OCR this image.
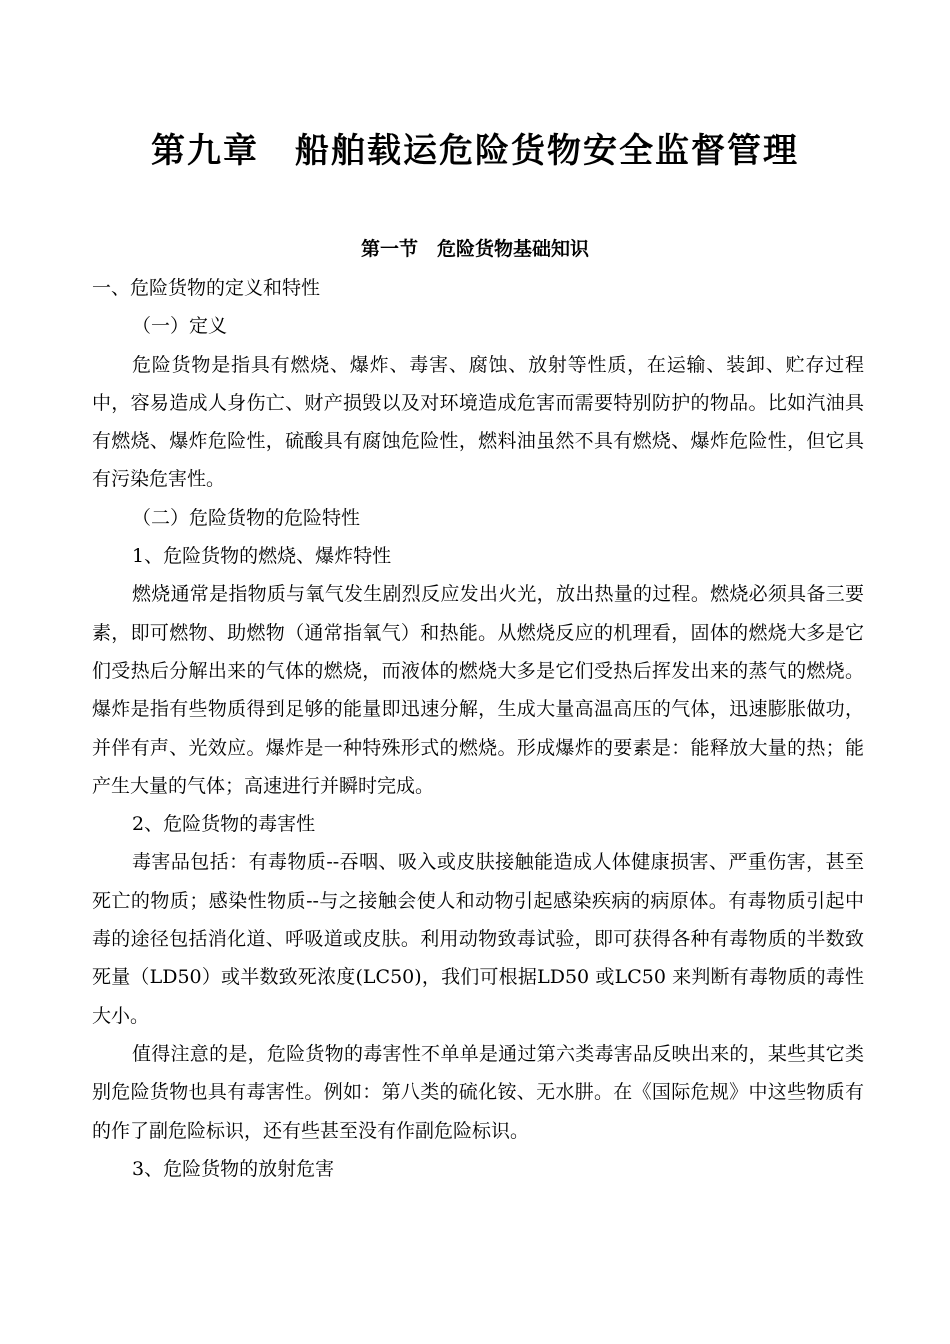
第九章　船舶载运危险货物安全监督管理
第一节　危险货物基础知识

一、危险货物的定义和特性

（一）定义

危险货物是指具有燃烧、爆炸、毒害、腐蚀、放射等性质，在运输、装卸、贮存过程中，容易造成人身伤亡、财产损毁以及对环境造成危害而需要特别防护的物品。比如汽油具有燃烧、爆炸危险性，硫酸具有腐蚀危险性，燃料油虽然不具有燃烧、爆炸危险性，但它具有污染危害性。

（二）危险货物的危险特性

1、危险货物的燃烧、爆炸特性

燃烧通常是指物质与氧气发生剧烈反应发出火光，放出热量的过程。燃烧必须具备三要素，即可燃物、助燃物（通常指氧气）和热能。从燃烧反应的机理看，固体的燃烧大多是它们受热后分解出来的气体的燃烧，而液体的燃烧大多是它们受热后挥发出来的蒸气的燃烧。爆炸是指有些物质得到足够的能量即迅速分解，生成大量高温高压的气体，迅速膨胀做功，并伴有声、光效应。爆炸是一种特殊形式的燃烧。形成爆炸的要素是：能释放大量的热；能产生大量的气体；高速进行并瞬时完成。

2、危险货物的毒害性

毒害品包括：有毒物质--吞咽、吸入或皮肤接触能造成人体健康损害、严重伤害，甚至死亡的物质；感染性物质--与之接触会使人和动物引起感染疾病的病原体。有毒物质引起中毒的途径包括消化道、呼吸道或皮肤。利用动物致毒试验，即可获得各种有毒物质的半数致死量（LD50）或半数致死浓度(LC50)，我们可根据LD50 或LC50 来判断有毒物质的毒性大小。

值得注意的是，危险货物的毒害性不单单是通过第六类毒害品反映出来的，某些其它类别危险货物也具有毒害性。例如：第八类的硫化铵、无水肼。在《国际危规》中这些物质有的作了副危险标识，还有些甚至没有作副危险标识。

3、危险货物的放射危害
